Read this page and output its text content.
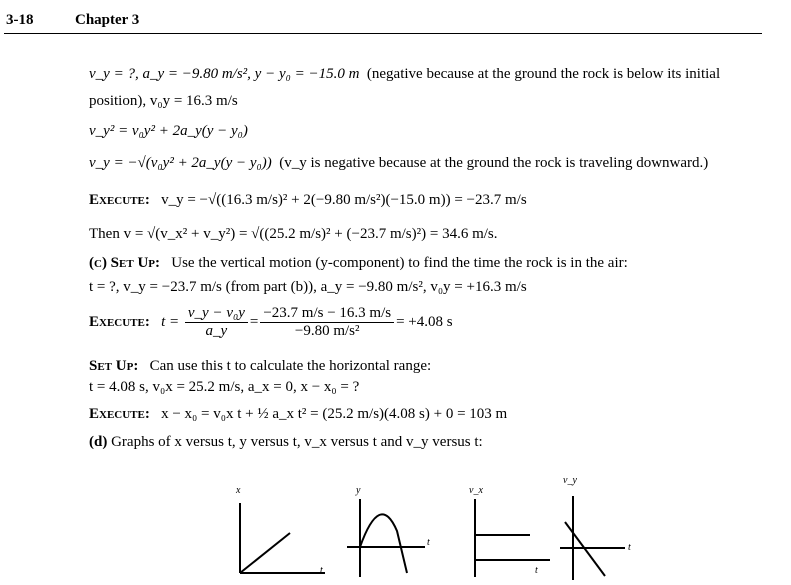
3-18	Chapter 3
v_y = ?, a_y = −9.80 m/s², y − y₀ = −15.0 m (negative because at the ground the rock is below its initial
position), v₀y = 16.3 m/s
v_y² = v₀y² + 2a_y(y − y₀)
v_y = −√(v₀y² + 2a_y(y − y₀)) (v_y is negative because at the ground the rock is traveling downward.)
Execute: v_y = −√((16.3 m/s)² + 2(−9.80 m/s²)(−15.0 m)) = −23.7 m/s
Then v = √(v_x² + v_y²) = √((25.2 m/s)² + (−23.7 m/s)²) = 34.6 m/s.
(c) Set Up: Use the vertical motion (y-component) to find the time the rock is in the air:
t = ?, v_y = −23.7 m/s (from part (b)), a_y = −9.80 m/s², v₀y = +16.3 m/s
Execute: $t = \frac{\text{v\_y − v₀y}}{a\_y} = \frac{-23.7 m/s - 16.3 m/s}{\text{−9.80 m/s²}} = +4.08$ s
Set Up: Can use this t to calculate the horizontal range:
t = 4.08 s, v₀x = 25.2 m/s, a_x = 0, x − x₀ = ?
Execute: x − x₀ = v₀x t + ½ a_x t² = (25.2 m/s)(4.08 s) + 0 = 103 m
(d) Graphs of x versus t, y versus t, v_x versus t and v_y versus t:
x
t
y
t
v_x
t
v_y
t
